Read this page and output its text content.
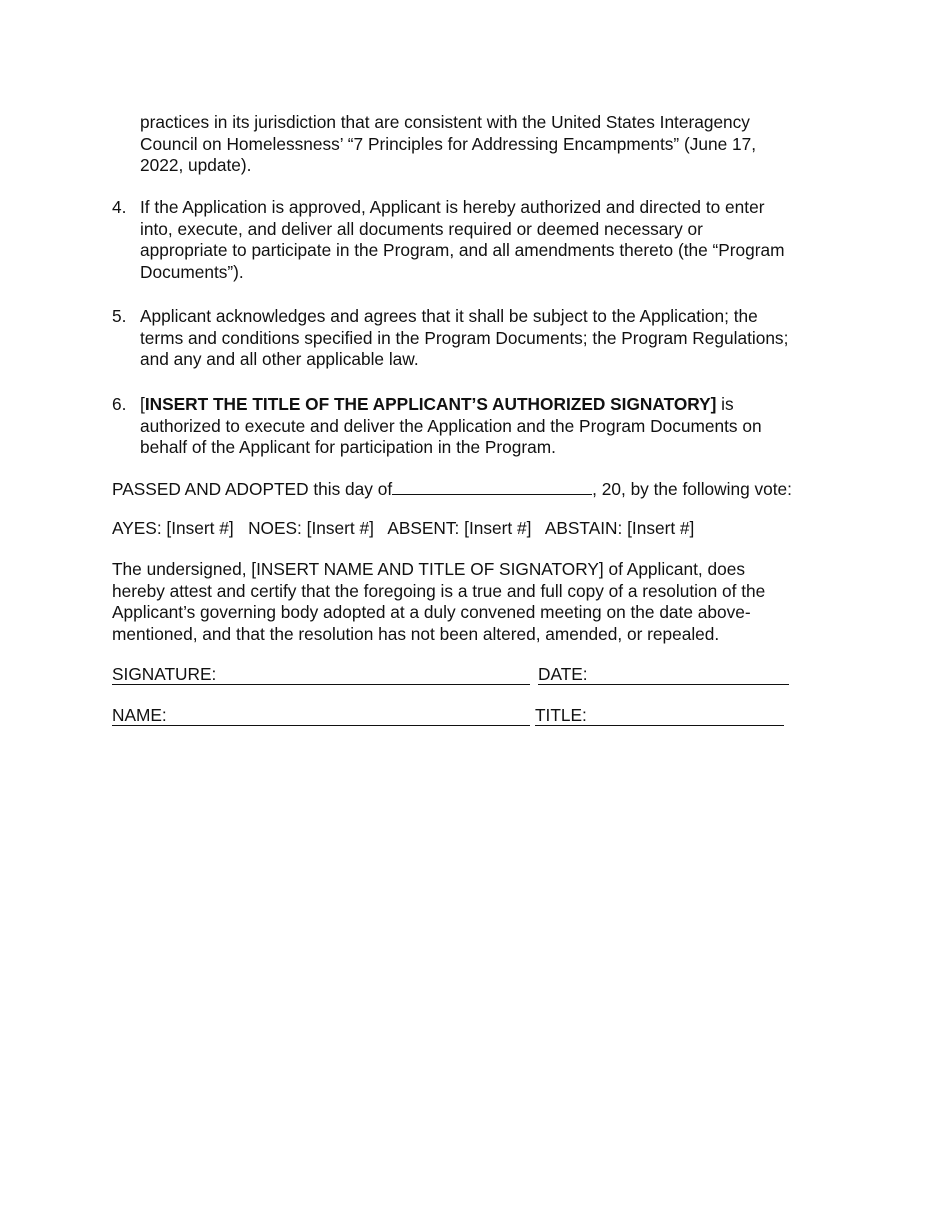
practices in its jurisdiction that are consistent with the United States Interagency
Council on Homelessness’ “7 Principles for Addressing Encampments” (June 17,
2022, update).
4. If the Application is approved, Applicant is hereby authorized and directed to enter
into, execute, and deliver all documents required or deemed necessary or
appropriate to participate in the Program, and all amendments thereto (the “Program
Documents”).
5. Applicant acknowledges and agrees that it shall be subject to the Application; the
terms and conditions specified in the Program Documents; the Program Regulations;
and any and all other applicable law.
6. [INSERT THE TITLE OF THE APPLICANT’S AUTHORIZED SIGNATORY] is
authorized to execute and deliver the Application and the Program Documents on
behalf of the Applicant for participation in the Program.
PASSED AND ADOPTED this day of	, 20, by the following vote:
AYES: [Insert #]   NOES: [Insert #]   ABSENT: [Insert #]   ABSTAIN: [Insert #]
The undersigned, [INSERT NAME AND TITLE OF SIGNATORY] of Applicant, does
hereby attest and certify that the foregoing is a true and full copy of a resolution of the
Applicant’s governing body adopted at a duly convened meeting on the date above-
mentioned, and that the resolution has not been altered, amended, or repealed.
SIGNATURE:	DATE:
NAME:	TITLE:
